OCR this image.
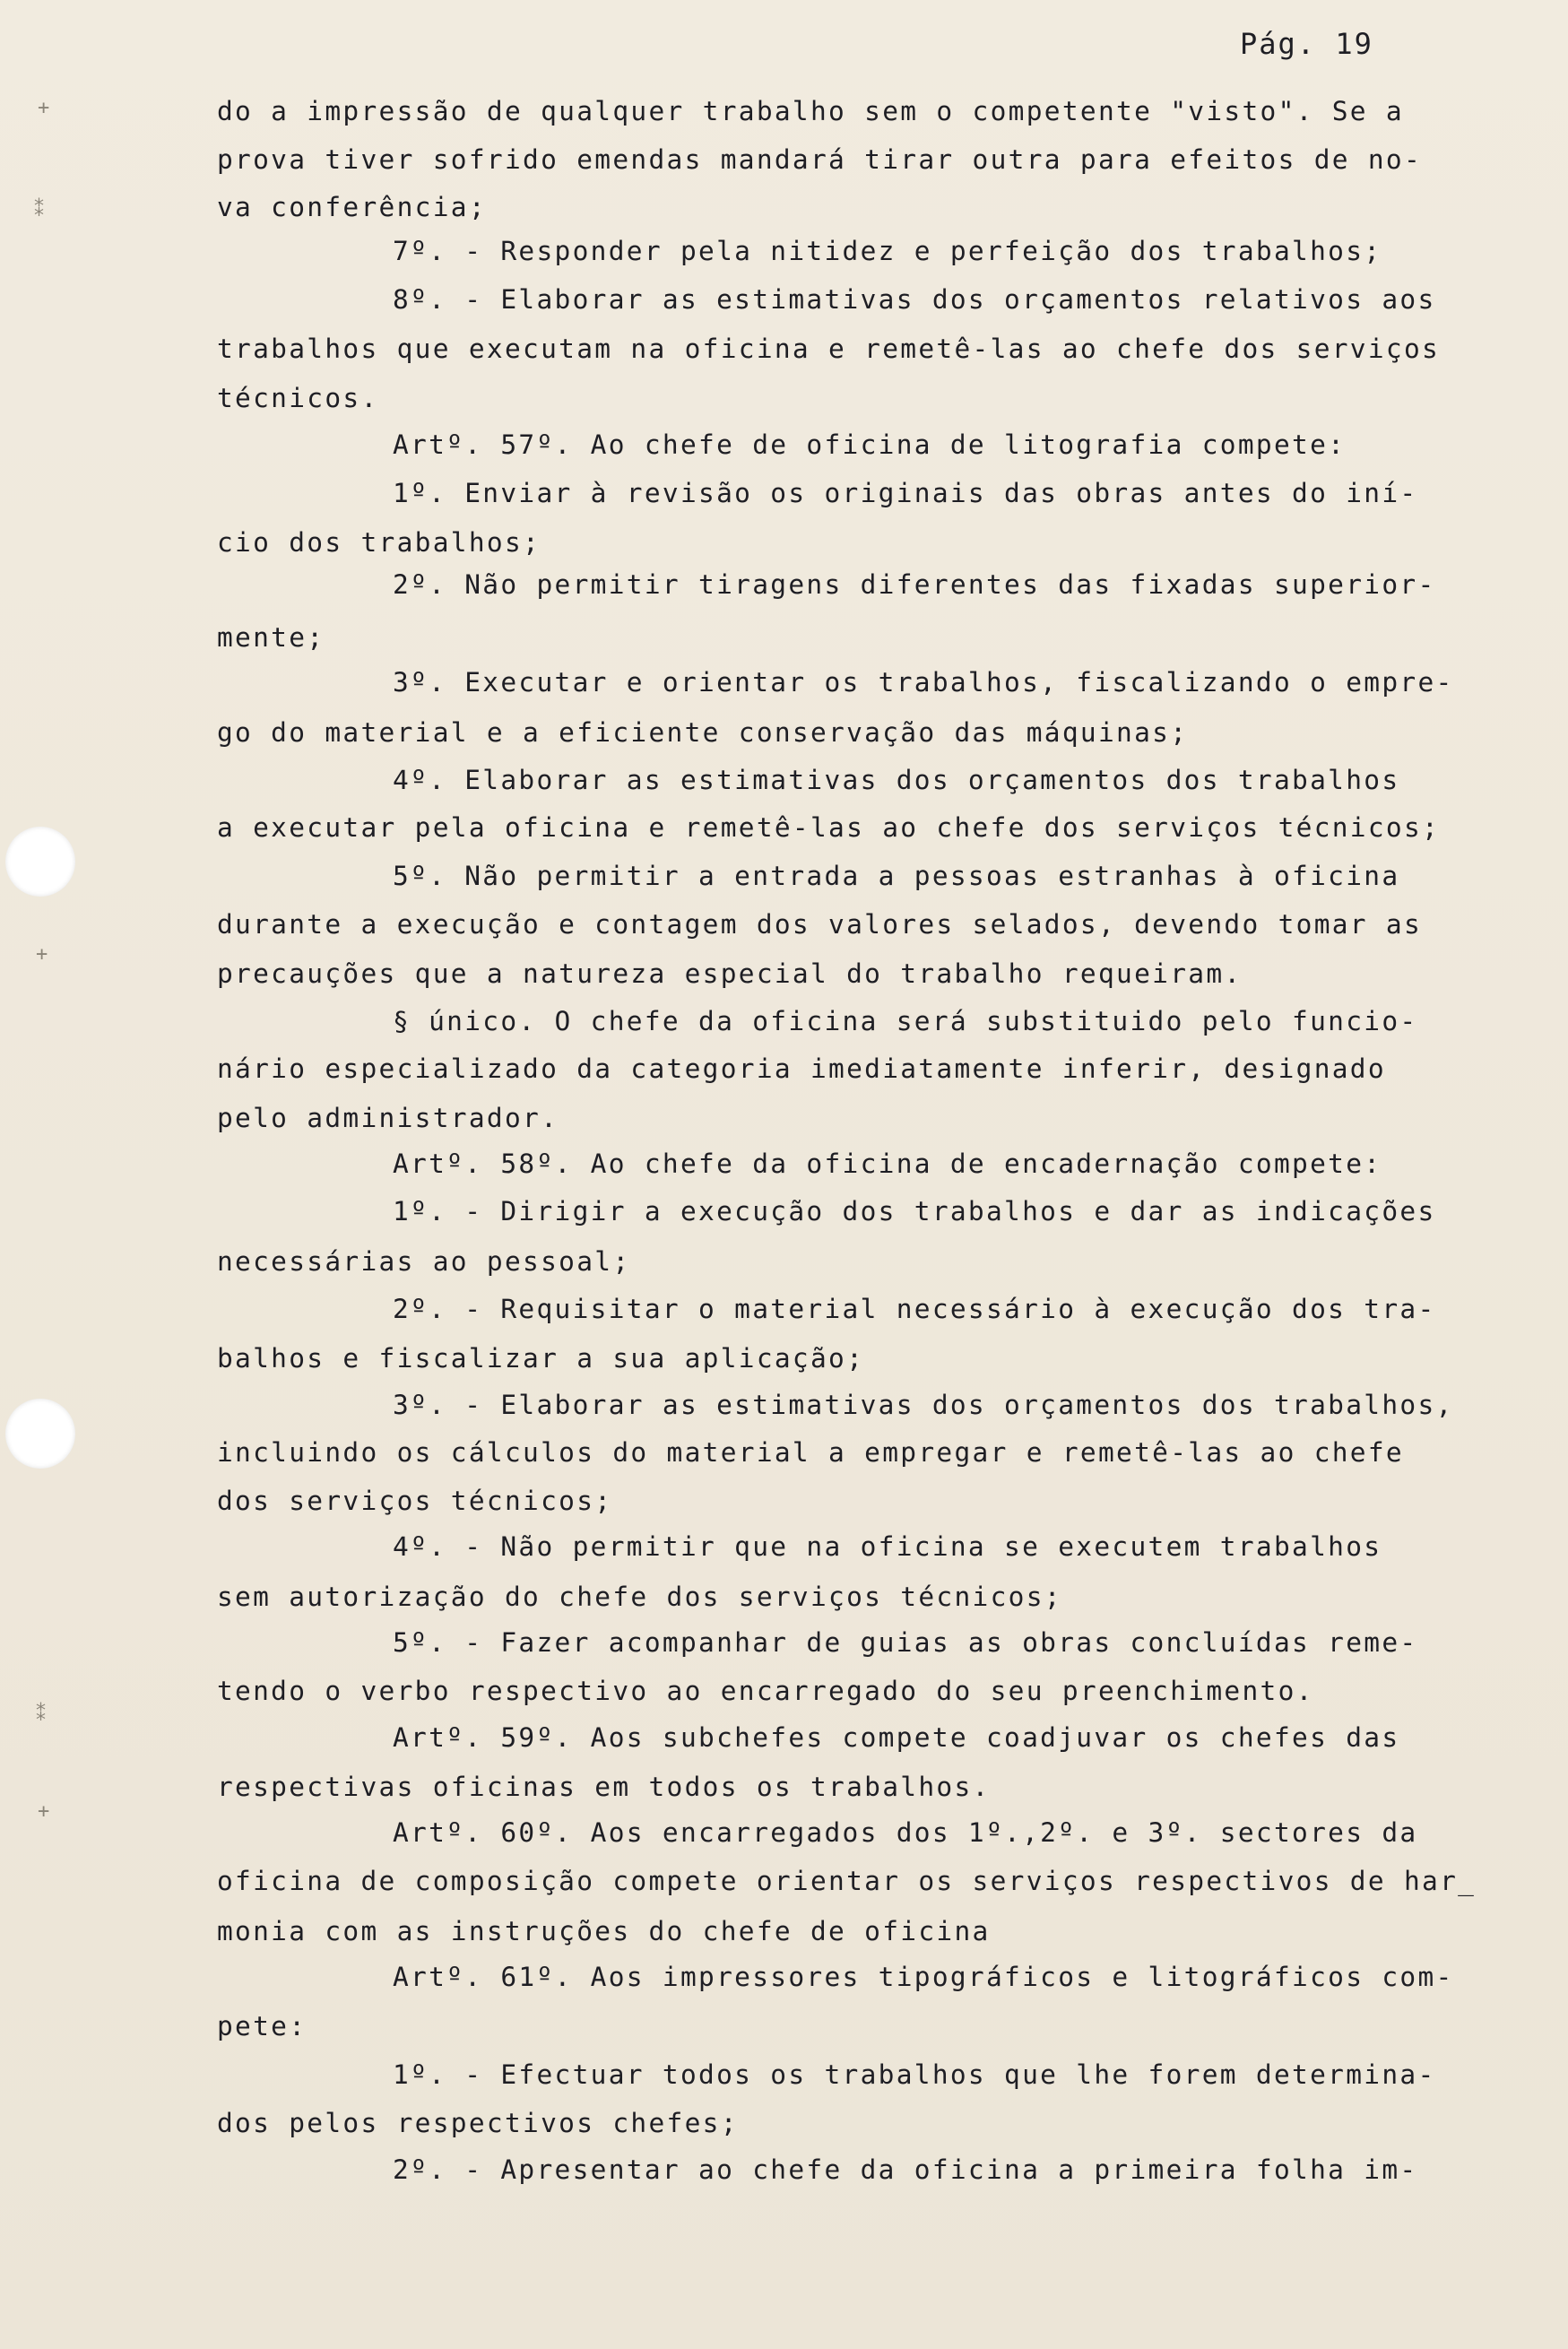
+
⁑
+
⁑
+
Pág. 19
do a impressão de qualquer trabalho sem o competente "visto". Se a
prova tiver sofrido emendas mandará tirar outra para efeitos de no-
va conferência;
7º. - Responder pela nitidez e perfeição dos trabalhos;
8º. - Elaborar as estimativas dos orçamentos relativos aos
trabalhos que executam na oficina e remetê-las ao chefe dos serviços
técnicos.
Artº. 57º. Ao chefe de oficina de litografia compete:
1º. Enviar à revisão os originais das obras antes do iní-
cio dos trabalhos;
2º. Não permitir tiragens diferentes das fixadas superior-
mente;
3º. Executar e orientar os trabalhos, fiscalizando o empre-
go do material e a eficiente conservação das máquinas;
4º. Elaborar as estimativas dos orçamentos dos trabalhos
a executar pela oficina e remetê-las ao chefe dos serviços técnicos;
5º. Não permitir a entrada a pessoas estranhas à oficina
durante a execução e contagem dos valores selados, devendo tomar as
precauções que a natureza especial do trabalho requeiram.
§ único. O chefe da oficina será substituido pelo funcio-
nário especializado da categoria imediatamente inferir, designado
pelo administrador.
Artº. 58º. Ao chefe da oficina de encadernação compete:
1º. - Dirigir a execução dos trabalhos e dar as indicações
necessárias ao pessoal;
2º. - Requisitar o material necessário à execução dos tra-
balhos e fiscalizar a sua aplicação;
3º. - Elaborar as estimativas dos orçamentos dos trabalhos,
incluindo os cálculos do material a empregar e remetê-las ao chefe
dos serviços técnicos;
4º. - Não permitir que na oficina se executem trabalhos
sem autorização do chefe dos serviços técnicos;
5º. - Fazer acompanhar de guias as obras concluídas reme-
tendo o verbo respectivo ao encarregado do seu preenchimento.
Artº. 59º. Aos subchefes compete coadjuvar os chefes das
respectivas oficinas em todos os trabalhos.
Artº. 60º. Aos encarregados dos 1º.,2º. e 3º. sectores da
oficina de composição compete orientar os serviços respectivos de har_
monia com as instruções do chefe de oficina
Artº. 61º. Aos impressores tipográficos e litográficos com-
pete:
1º. - Efectuar todos os trabalhos que lhe forem determina-
dos pelos respectivos chefes;
2º. - Apresentar ao chefe da oficina a primeira folha im-
